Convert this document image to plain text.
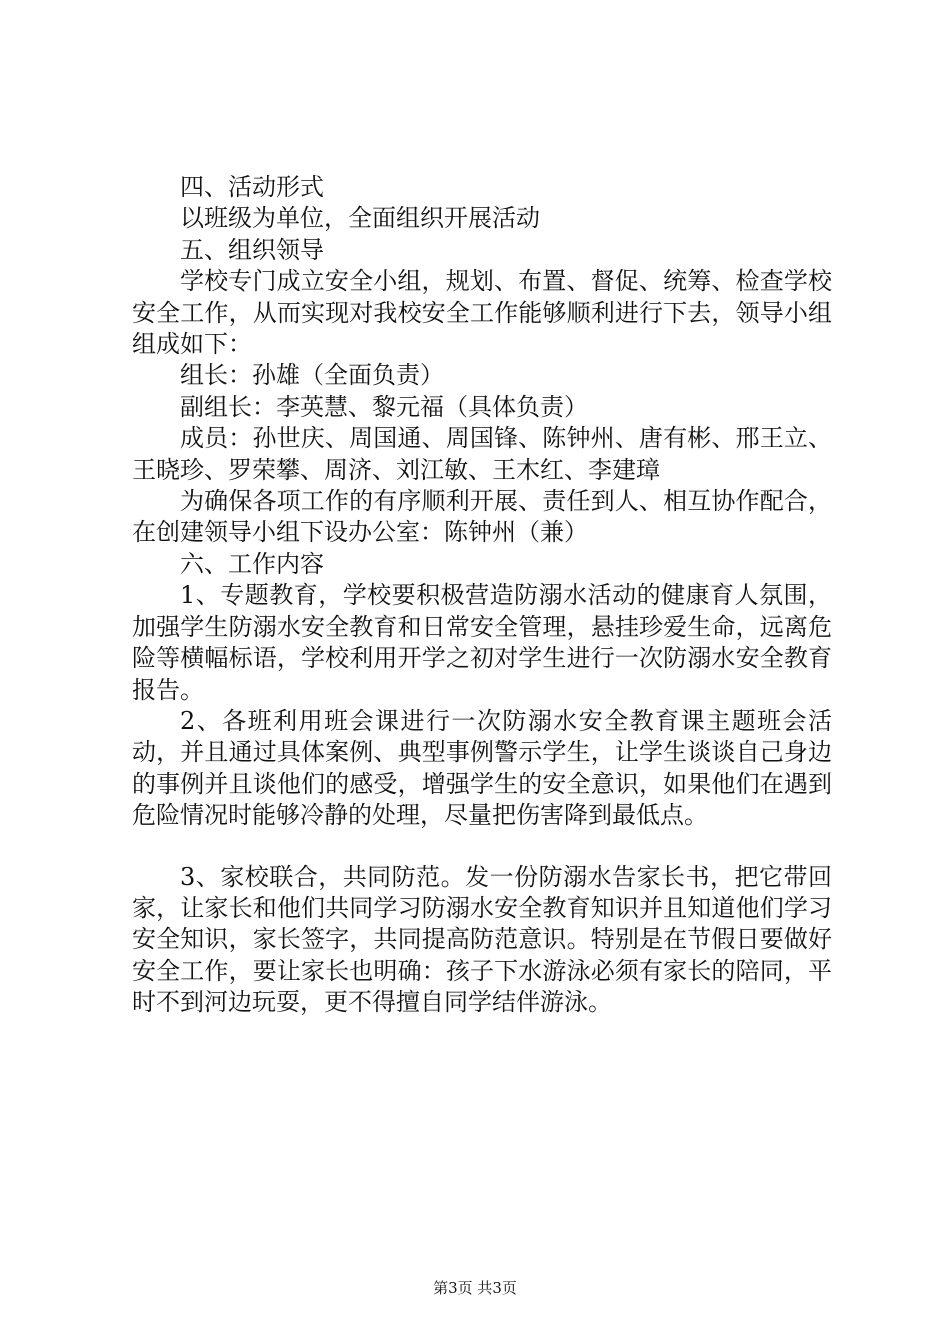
四、活动形式

以班级为单位，全面组织开展活动

五、组织领导

学校专门成立安全小组，规划、布置、督促、统筹、检查学校安全工作，从而实现对我校安全工作能够顺利进行下去，领导小组组成如下：

组长：孙雄（全面负责）

副组长：李英慧、黎元福（具体负责）

成员：孙世庆、周国通、周国锋、陈钟州、唐有彬、邢王立、王晓珍、罗荣攀、周济、刘江敏、王木红、李建璋

为确保各项工作的有序顺利开展、责任到人、相互协作配合，在创建领导小组下设办公室：陈钟州（兼）

六、工作内容

1、专题教育，学校要积极营造防溺水活动的健康育人氛围，加强学生防溺水安全教育和日常安全管理，悬挂珍爱生命，远离危险等横幅标语，学校利用开学之初对学生进行一次防溺水安全教育报告。

2、各班利用班会课进行一次防溺水安全教育课主题班会活动，并且通过具体案例、典型事例警示学生，让学生谈谈自己身边的事例并且谈他们的感受，增强学生的安全意识，如果他们在遇到危险情况时能够冷静的处理，尽量把伤害降到最低点。

3、家校联合，共同防范。发一份防溺水告家长书，把它带回家，让家长和他们共同学习防溺水安全教育知识并且知道他们学习安全知识，家长签字，共同提高防范意识。特别是在节假日要做好安全工作，要让家长也明确：孩子下水游泳必须有家长的陪同，平时不到河边玩耍，更不得擅自同学结伴游泳。

第3页 共3页
